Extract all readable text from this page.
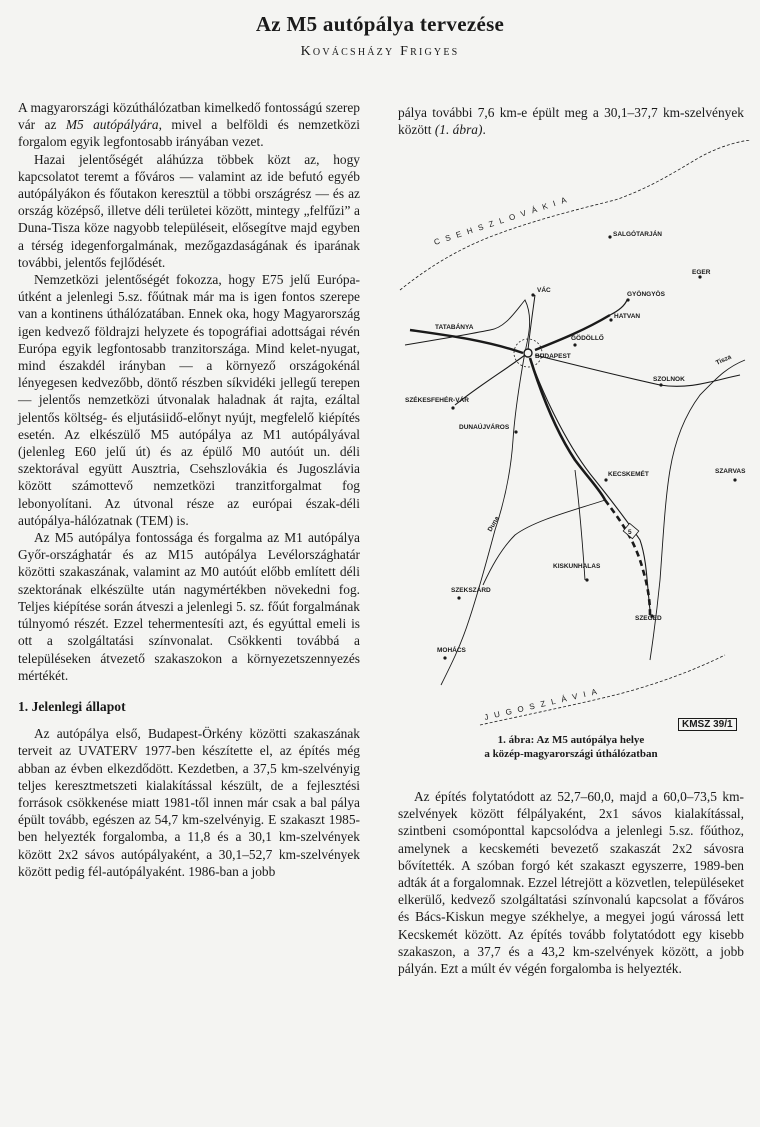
Az M5 autópálya tervezése
Kovácsházy Frigyes

A magyarországi közúthálózatban kimelkedő fontosságú szerep vár az M5 autópályára, mivel a belföldi és nemzetközi forgalom egyik legfontosabb irányában vezet.

Hazai jelentőségét aláhúzza többek közt az, hogy kapcsolatot teremt a főváros — valamint az ide befutó egyéb autópályákon és főutakon keresztül a többi országrész — és az ország középső, illetve déli területei között, mintegy „felfűzi” a Duna-Tisza köze nagyobb településeit, elősegítve majd egyben a térség idegenforgalmának, mezőgazdaságának és iparának további, jelentős fejlődését.

Nemzetközi jelentőségét fokozza, hogy E75 jelű Európa-útként a jelenlegi 5.sz. főútnak már ma is igen fontos szerepe van a kontinens úthálózatában. Ennek oka, hogy Magyarország igen kedvező földrajzi helyzete és topográfiai adottságai révén Európa egyik legfontosabb tranzitországa. Mind kelet-nyugat, mind északdél irányban — a környező országokénál lényegesen kedvezőbb, döntő részben síkvidéki jellegű terepen — jelentős nemzetközi útvonalak haladnak át rajta, ezáltal jelentős költség- és eljutásiidő-előnyt nyújt, megfelelő kiépítés esetén. Az elkészülő M5 autópálya az M1 autópályával (jelenleg E60 jelű út) és az épülő M0 autóút un. déli szektorával együtt Ausztria, Csehszlovákia és Jugoszlávia között számottevő nemzetközi tranzitforgalmat fog lebonyolítani. Az útvonal része az európai észak-déli autópálya-hálózatnak (TEM) is.

Az M5 autópálya fontossága és forgalma az M1 autópálya Győr-országhatár és az M15 autópálya Levélországhatár közötti szakaszának, valamint az M0 autóút előbb említett déli szektorának elkészülte után nagymértékben növekedni fog. Teljes kiépítése során átveszi a jelenlegi 5. sz. főút forgalmának túlnyomó részét. Ezzel tehermentesíti azt, és egyúttal emeli is ott a szolgáltatási színvonalat. Csökkenti továbbá a településeken átvezető szakaszokon a környezetszennyezés mértékét.

1. Jelenlegi állapot

Az autópálya első, Budapest-Örkény közötti szakaszának terveit az UVATERV 1977-ben készítette el, az építés még abban az évben elkezdődött. Kezdetben, a 37,5 km-szelvényig teljes keresztmetszeti kialakítással készült, de a fejlesztési források csökkenése miatt 1981-től innen már csak a bal pálya épült tovább, egészen az 54,7 km-szelvényig. E szakaszt 1985-ben helyezték forgalomba, a 11,8 és a 30,1 km-szelvények között 2x2 sávos autópályaként, a 30,1–52,7 km-szelvények között pedig fél-autópályaként. 1986-ban a jobb

pálya további 7,6 km-e épült meg a 30,1–37,7 km-szelvények között (1. ábra).

CSEHSZLOVÁKIA
JUGOSZLÁVIA
Duna
Tisza
5
SALGÓTARJÁN
EGER
GYÖNGYÖS
VÁC
HATVAN
GÖDÖLLŐ
TATABÁNYA
BUDAPEST
SZÉKESFEHÉR-VÁR
SZOLNOK
DUNAÚJVÁROS
KECSKEMÉT	SZARVAS
KISKUNHALAS
SZEKSZÁRD
SZEGED
MOHÁCS
KMSZ 39/1
1. ábra: Az M5 autópálya helye
a közép-magyarországi úthálózatban

Az építés folytatódott az 52,7–60,0, majd a 60,0–73,5 km-szelvények között félpályaként, 2x1 sávos kialakítással, szintbeni csomóponttal kapcsolódva a jelenlegi 5.sz. főúthoz, amelynek a kecskeméti bevezető szakaszát 2x2 sávosra bővítették. A szóban forgó két szakaszt egyszerre, 1989-ben adták át a forgalomnak. Ezzel létrejött a közvetlen, településeket elkerülő, kedvező szolgáltatási színvonalú kapcsolat a főváros és Bács-Kiskun megye székhelye, a megyei jogú várossá lett Kecskemét között. Az építés tovább folytatódott egy kisebb szakaszon, a 37,7 és a 43,2 km-szelvények között, a jobb pályán. Ezt a múlt év végén forgalomba is helyezték.
